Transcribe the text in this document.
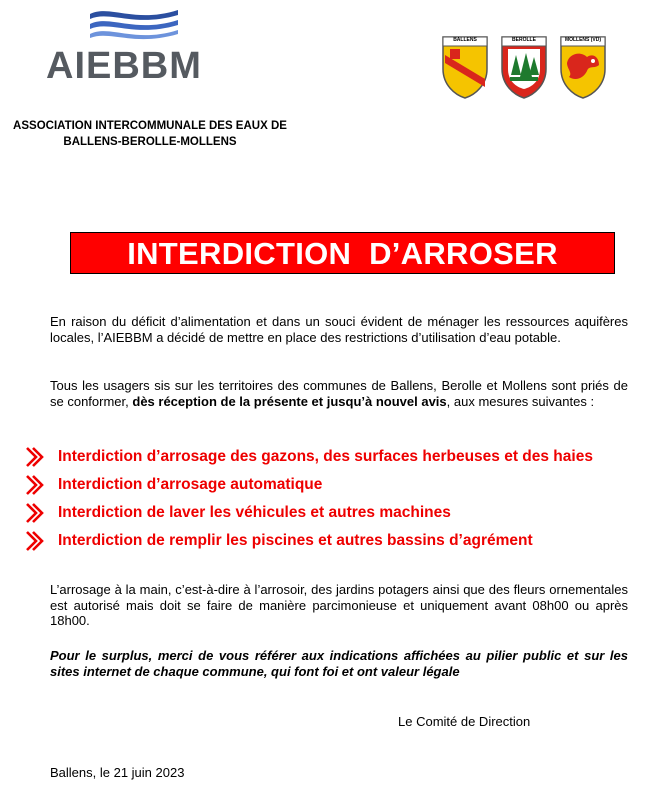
AIEBBM
ASSOCIATION INTERCOMMUNALE DES EAUX DE
BALLENS-BEROLLE-MOLLENS
BALLENS	BEROLLE	MOLLENS (VD)
INTERDICTION  D’ARROSER
En raison du déficit d’alimentation et dans un souci évident de ménager les ressources aquifères locales, l’AIEBBM a décidé de mettre en place des restrictions d’utilisation d’eau potable.
Tous les usagers sis sur les territoires des communes de Ballens, Berolle et Mollens sont priés de se conformer, dès réception de la présente et jusqu’à nouvel avis, aux mesures suivantes :
Interdiction d’arrosage des gazons, des surfaces herbeuses et des haies
Interdiction d’arrosage automatique
Interdiction de laver les véhicules et autres machines
Interdiction de remplir les piscines et autres bassins d’agrément
L’arrosage à la main, c’est-à-dire à l’arrosoir, des jardins potagers ainsi que des fleurs ornementales est autorisé mais doit se faire de manière parcimonieuse et uniquement avant 08h00 ou après 18h00.
Pour le surplus, merci de vous référer aux indications affichées au pilier public et sur les sites internet de chaque commune, qui font foi et ont valeur légale
Le Comité de Direction
Ballens, le 21 juin 2023
